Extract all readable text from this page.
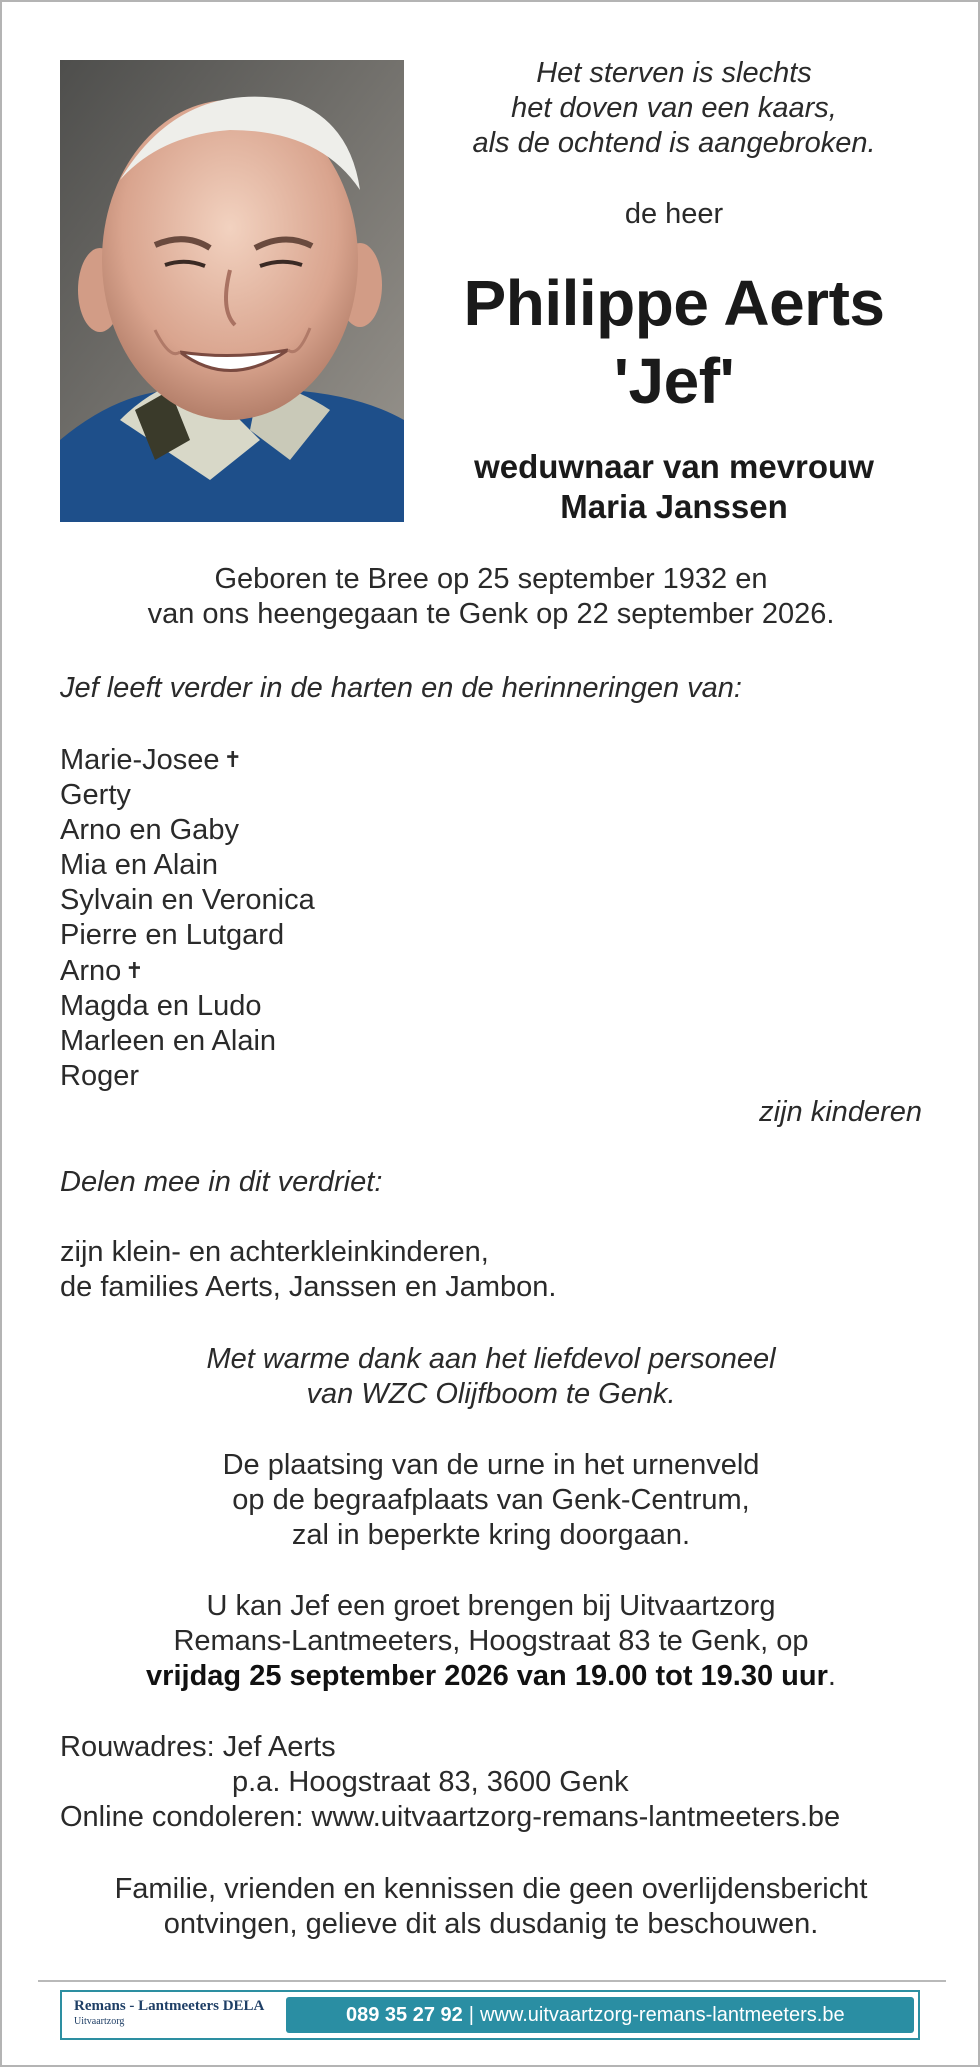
Het sterven is slechts
het doven van een kaars,
als de ochtend is aangebroken.
de heer
Philippe Aerts
'Jef'
weduwnaar van mevrouw
Maria Janssen
Geboren te Bree op 25 september 1932 en
van ons heengegaan te Genk op 22 september 2026.
Jef leeft verder in de harten en de herinneringen van:
Marie-Josee ✝
Gerty
Arno en Gaby
Mia en Alain
Sylvain en Veronica
Pierre en Lutgard
Arno ✝
Magda en Ludo
Marleen en Alain
Roger
zijn kinderen
Delen mee in dit verdriet:
zijn klein- en achterkleinkinderen,
de families Aerts, Janssen en Jambon.
Met warme dank aan het liefdevol personeel
van WZC Olijfboom te Genk.
De plaatsing van de urne in het urnenveld
op de begraafplaats van Genk-Centrum,
zal in beperkte kring doorgaan.
U kan Jef een groet brengen bij Uitvaartzorg
Remans-Lantmeeters, Hoogstraat 83 te Genk, op
vrijdag 25 september 2026 van 19.00 tot 19.30 uur.
Rouwadres: Jef Aerts
p.a. Hoogstraat 83, 3600 Genk
Online condoleren: www.uitvaartzorg-remans-lantmeeters.be
Familie, vrienden en kennissen die geen overlijdensbericht
ontvingen, gelieve dit als dusdanig te beschouwen.
Remans - Lantmeeters DELA
Uitvaartzorg	089 35 27 92 | www.uitvaartzorg-remans-lantmeeters.be
